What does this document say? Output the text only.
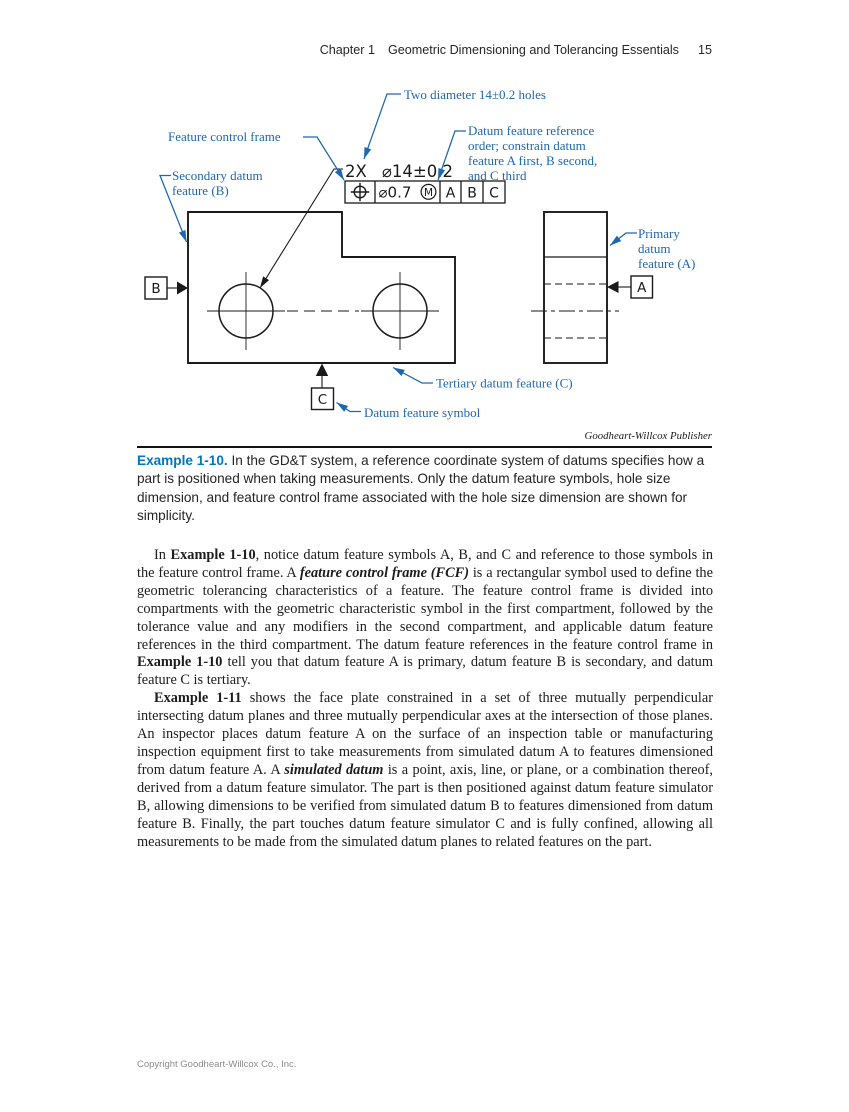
Chapter 1 Geometric Dimensioning and Tolerancing Essentials 15
2X ⌀14±0.2
⌀0.7 M A B C
B
C
A
Two diameter 14±0.2 holes
Feature control frame	Datum feature reference
order; constrain datum
feature A first, B second,
and C third
Secondary datum
feature (B)
Primary
datum
feature (A)
Tertiary datum feature (C)
Datum feature symbol
Goodheart-Willcox Publisher
Example 1-10. In the GD&T system, a reference coordinate system of datums specifies how a part is positioned when taking measurements. Only the datum feature symbols, hole size dimension, and feature control frame associated with the hole size dimension are shown for simplicity.

In Example 1-10, notice datum feature symbols A, B, and C and reference to those symbols in the feature control frame. A feature control frame (FCF) is a rectangular symbol used to define the geometric tolerancing characteristics of a feature. The feature control frame is divided into compartments with the geometric characteristic symbol in the first compartment, followed by the tolerance value and any modifiers in the second compartment, and applicable datum feature references in the third compartment. The datum feature references in the feature control frame in Example 1-10 tell you that datum feature A is primary, datum feature B is secondary, and datum feature C is tertiary.

Example 1-11 shows the face plate constrained in a set of three mutually perpendicular intersecting datum planes and three mutually perpendicular axes at the intersection of those planes. An inspector places datum feature A on the surface of an inspection table or manufacturing inspection equipment first to take measurements from simulated datum A to features dimensioned from datum feature A. A simulated datum is a point, axis, line, or plane, or a combination thereof, derived from a datum feature simulator. The part is then positioned against datum feature simulator B, allowing dimensions to be verified from simulated datum B to features dimensioned from datum feature B. Finally, the part touches datum feature simulator C and is fully confined, allowing all measurements to be made from the simulated datum planes to related features on the part.

Copyright Goodheart-Willcox Co., Inc.
